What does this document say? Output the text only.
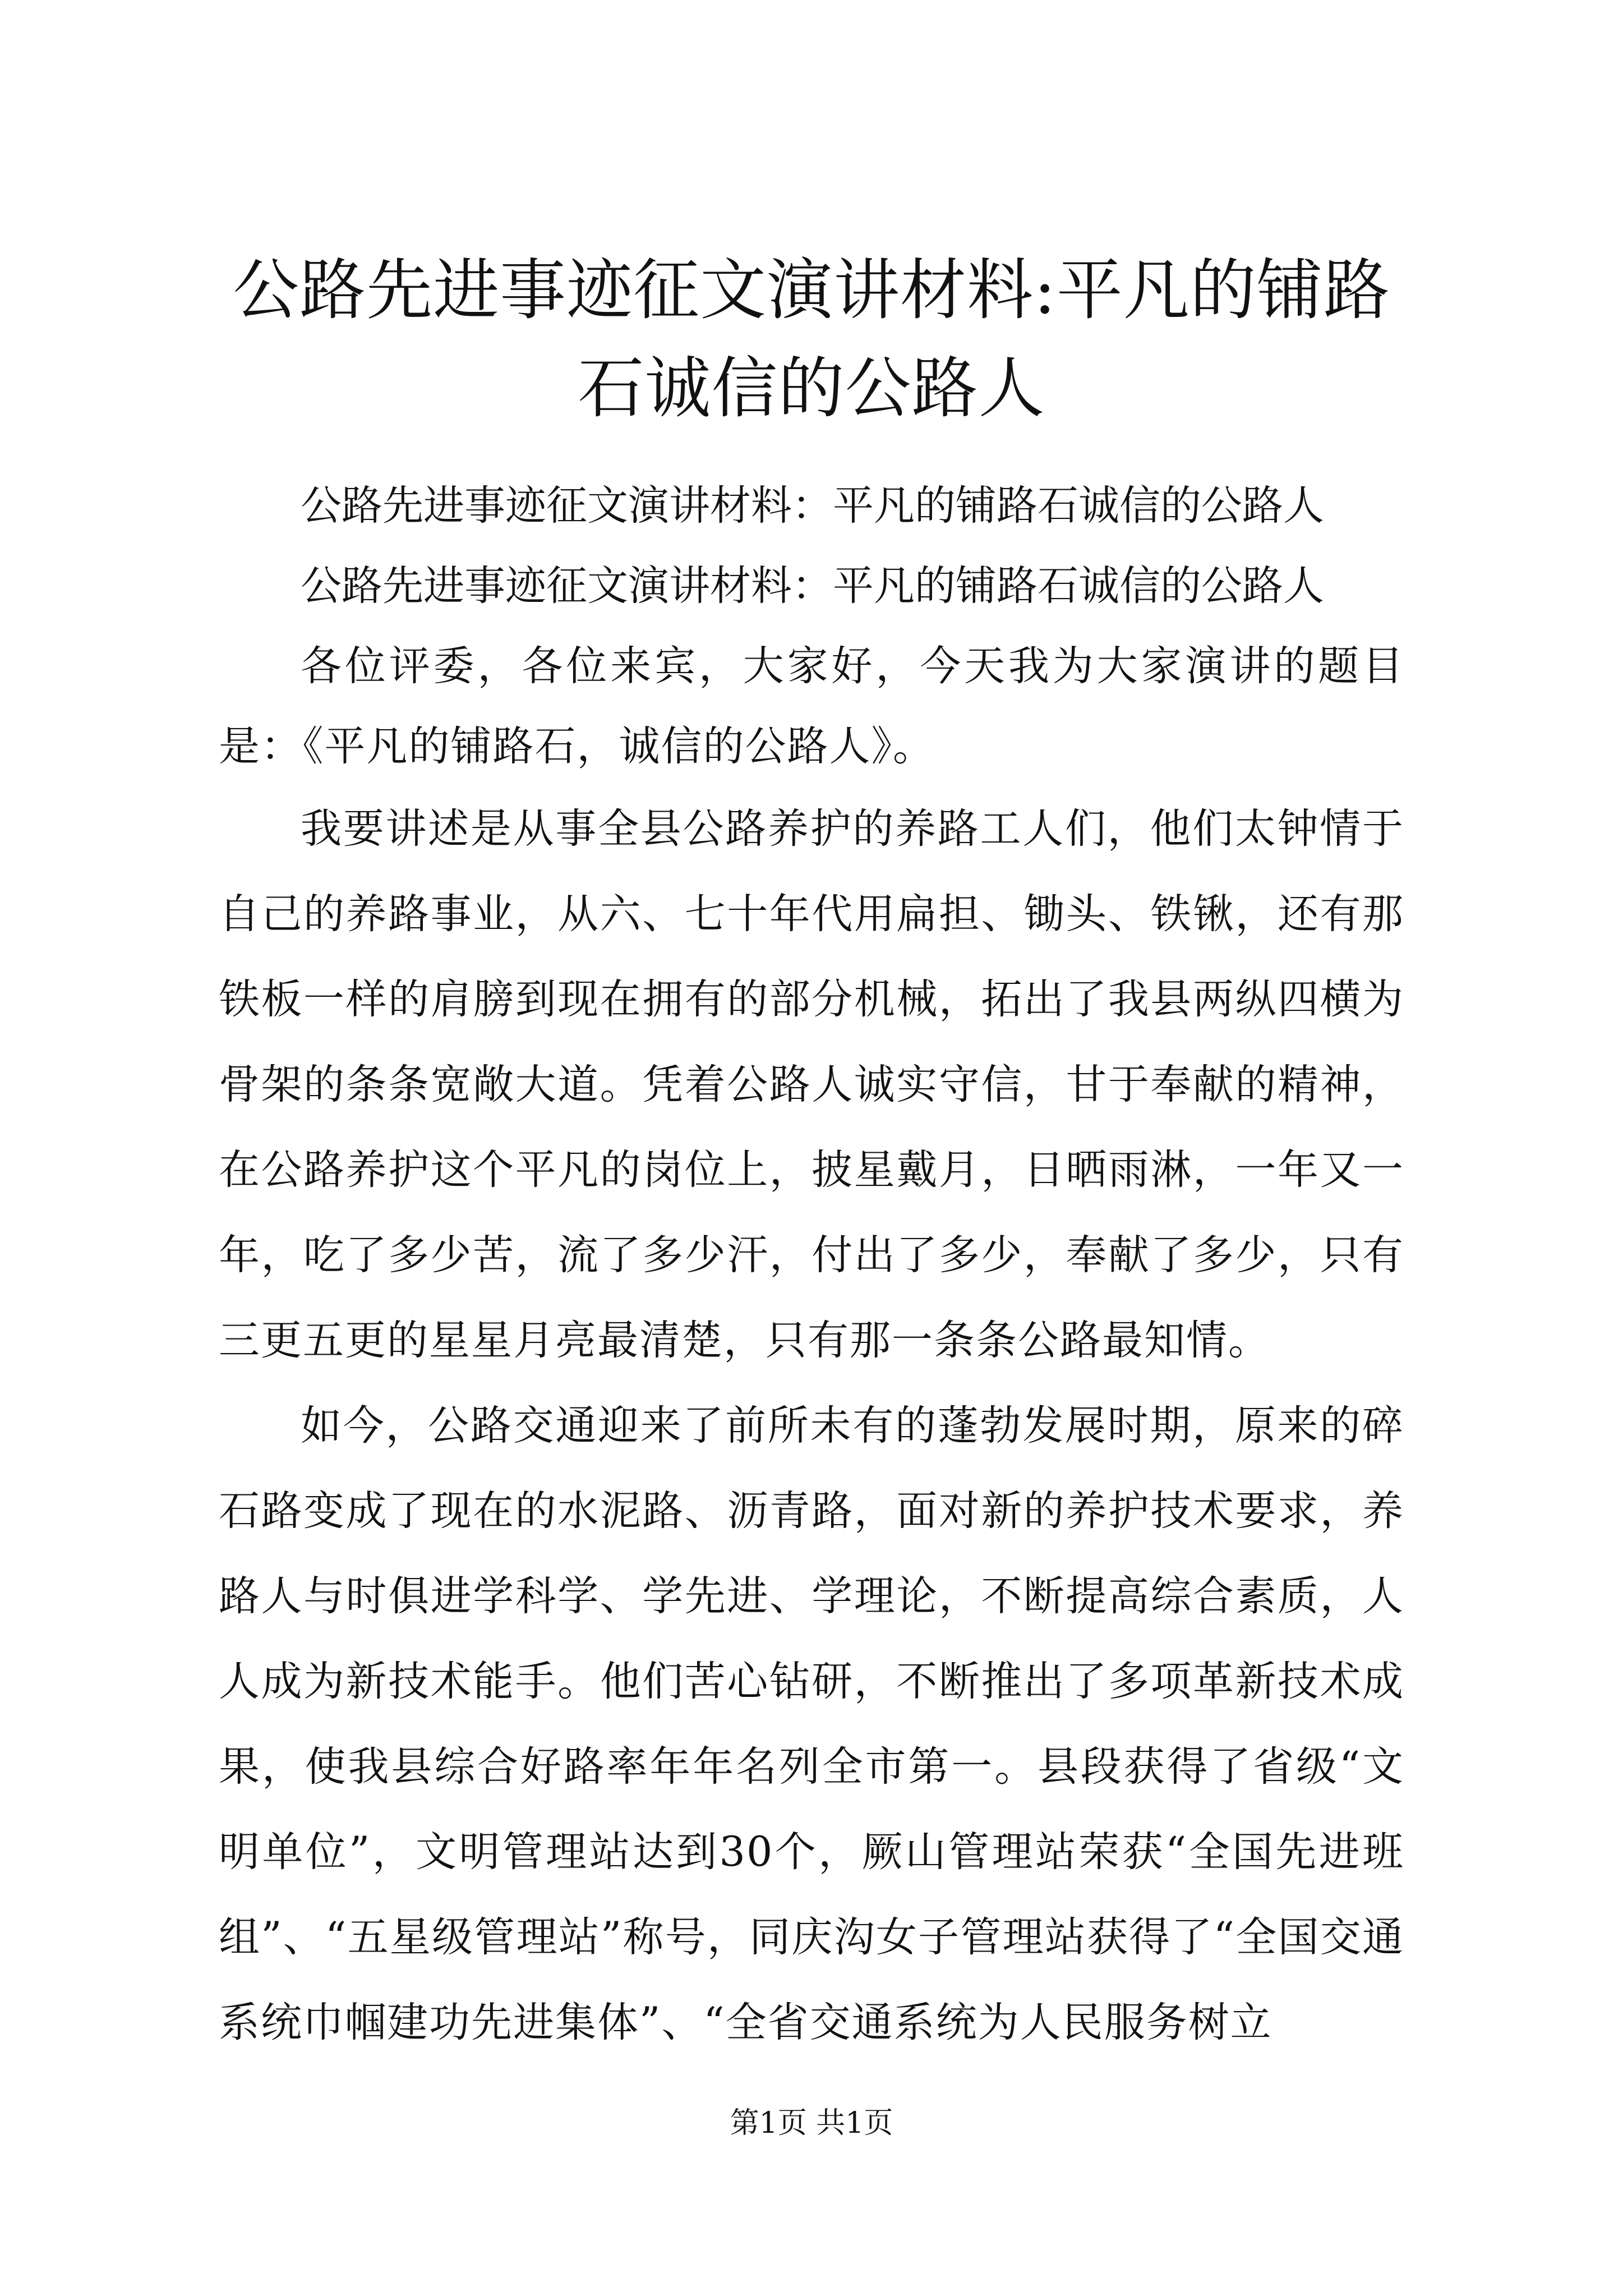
公路先进事迹征文演讲材料:平凡的铺路石诚信的公路人

公路先进事迹征文演讲材料：平凡的铺路石诚信的公路人

公路先进事迹征文演讲材料：平凡的铺路石诚信的公路人

各位评委，各位来宾，大家好，今天我为大家演讲的题目是：《平凡的铺路石，诚信的公路人》。

我要讲述是从事全县公路养护的养路工人们，他们太钟情于自己的养路事业，从六、七十年代用扁担、锄头、铁锹，还有那铁板一样的肩膀到现在拥有的部分机械，拓出了我县两纵四横为骨架的条条宽敞大道。凭着公路人诚实守信，甘于奉献的精神，在公路养护这个平凡的岗位上，披星戴月，日晒雨淋，一年又一年，吃了多少苦，流了多少汗，付出了多少，奉献了多少，只有三更五更的星星月亮最清楚，只有那一条条公路最知情。

如今，公路交通迎来了前所未有的蓬勃发展时期，原来的碎石路变成了现在的水泥路、沥青路，面对新的养护技术要求，养路人与时俱进学科学、学先进、学理论，不断提高综合素质，人人成为新技术能手。他们苦心钻研，不断推出了多项革新技术成果，使我县综合好路率年年名列全市第一。县段获得了省级“文明单位”，文明管理站达到30个，厥山管理站荣获“全国先进班组”、“五星级管理站”称号，同庆沟女子管理站获得了“全国交通系统巾帼建功先进集体”、“全省交通系统为人民服务树立

第1页 共1页
